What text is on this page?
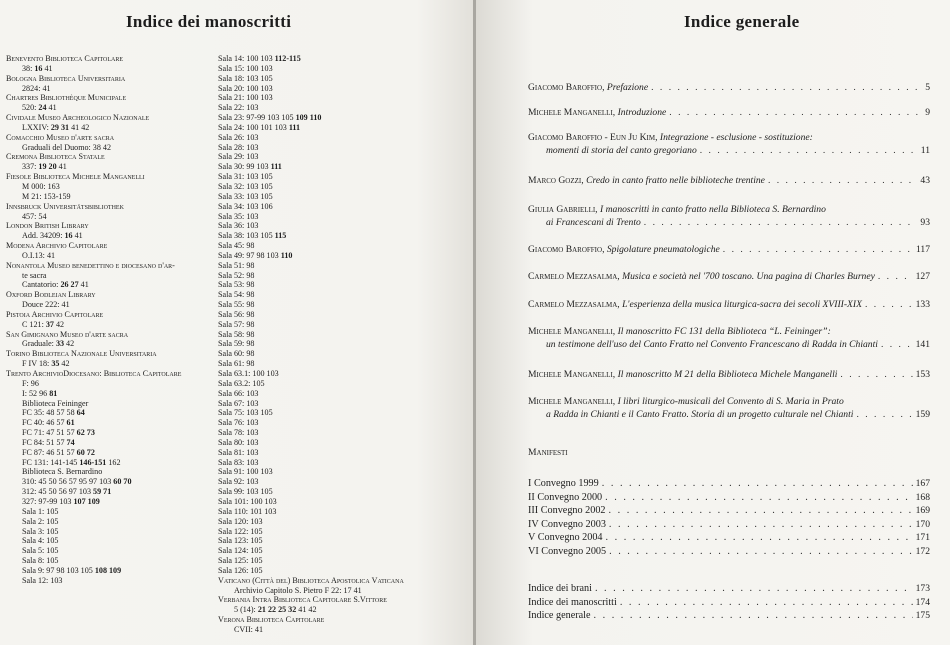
Indice dei manoscritti
Benevento Biblioteca Capitolare
38: 16 41
Bologna Biblioteca Universitaria
2824: 41
Chartres Bibliothèque Municipale
520: 24 41
Cividale Museo Archeologico Nazionale
LXXIV: 29 31 41 42
Comacchio Museo d'arte sacra
Graduali del Duomo: 38 42
Cremona Biblioteca Statale
337: 19 20 41
Fiesole Biblioteca Michele Manganelli
M 000: 163
M 21: 153-159
Innsbruck Universitätsbibliothek
457: 54
London British Library
Add. 34209: 16 41
Modena Archivio Capitolare
O.I.13: 41
Nonantola Museo benedettino e diocesano d'ar-
te sacra
Cantatorio: 26 27 41
Oxford Bodleian Library
Douce 222: 41
Pistoia Archivio Capitolare
C 121: 37 42
San Gimignano Museo d'arte sacra
Graduale: 33 42
Torino Biblioteca Nazionale Universitaria
F IV 18: 35 42
Trento ArchivioDiocesano: Biblioteca Capitolare
F: 96
I: 52 96 81
Biblioteca Feininger
FC 35: 48 57 58 64
FC 40: 46 57 61
FC 71: 47 51 57 62 73
FC 84: 51 57 74
FC 87: 46 51 57 60 72
FC 131: 141-145 146-151 162
Biblioteca S. Bernardino
310: 45 50 56 57 95 97 103 60 70
312: 45 50 56 97 103 59 71
327: 97-99 103 107 109
Sala 1: 105
Sala 2: 105
Sala 3: 105
Sala 4: 105
Sala 5: 105
Sala 8: 105
Sala 9: 97 98 103 105 108 109
Sala 12: 103
Sala 14: 100 103 112-115
Sala 15: 100 103
Sala 18: 103 105
Sala 20: 100 103
Sala 21: 100 103
Sala 22: 103
Sala 23: 97-99 103 105 109 110
Sala 24: 100 101 103 111
Sala 26: 103
Sala 28: 103
Sala 29: 103
Sala 30: 99 103 111
Sala 31: 103 105
Sala 32: 103 105
Sala 33: 103 105
Sala 34: 103 106
Sala 35: 103
Sala 36: 103
Sala 38: 103 105 115
Sala 45: 98
Sala 49: 97 98 103 110
Sala 51: 98
Sala 52: 98
Sala 53: 98
Sala 54: 98
Sala 55: 98
Sala 56: 98
Sala 57: 98
Sala 58: 98
Sala 59: 98
Sala 60: 98
Sala 61: 98
Sala 63.1: 100 103
Sala 63.2: 105
Sala 66: 103
Sala 67: 103
Sala 75: 103 105
Sala 76: 103
Sala 78: 103
Sala 80: 103
Sala 81: 103
Sala 83: 103
Sala 91: 100 103
Sala 92: 103
Sala 99: 103 105
Sala 101: 100 103
Sala 110: 101 103
Sala 120: 103
Sala 122: 105
Sala 123: 105
Sala 124: 105
Sala 125: 105
Sala 126: 105
Vaticano (Città del) Biblioteca Apostolica Vaticana
Archivio Capitolo S. Pietro F 22: 17 41
Verbania Intra Biblioteca Capitolare S.Vittore
5 (14): 21 22 25 32 41 42
Verona Biblioteca Capitolare
CVII: 41
Indice generale
Giacomo Baroffio, Prefazione . . .	5
Michele Manganelli, Introduzione . . .	9
Giacomo Baroffio - Eun Ju Kim, Integrazione - esclusione - sostituzione:
momenti di storia del canto gregoriano . . .	11
Marco Gozzi, Credo in canto fratto nelle biblioteche trentine . . .	43
Giulia Gabrielli, I manoscritti in canto fratto nella Biblioteca S. Bernardino
ai Francescani di Trento . . .	93
Giacomo Baroffio, Spigolature pneumatologiche . . .	117
Carmelo Mezzasalma, Musica e società nel '700 toscano. Una pagina di Charles Burney . . .	127
Carmelo Mezzasalma, L'esperienza della musica liturgica-sacra dei secoli XVIII-XIX . . .	133
Michele Manganelli, Il manoscritto FC 131 della Biblioteca “L. Feininger”:
un testimone dell'uso del Canto Fratto nel Convento Francescano di Radda in Chianti . . .	141
Michele Manganelli, Il manoscritto M 21 della Biblioteca Michele Manganelli . . .	153
Michele Manganelli, I libri liturgico-musicali del Convento di S. Maria in Prato
a Radda in Chianti e il Canto Fratto. Storia di un progetto culturale nel Chianti . . .	159
Manifesti
I Convegno 1999 . . .	167
II Convegno 2000 . . .	168
III Convegno 2002 . . .	169
IV Convegno 2003 . . .	170
V Convegno 2004 . . .	171
VI Convegno 2005 . . .	172
Indice dei brani . . .	173
Indice dei manoscritti . . .	174
Indice generale . . .	175
